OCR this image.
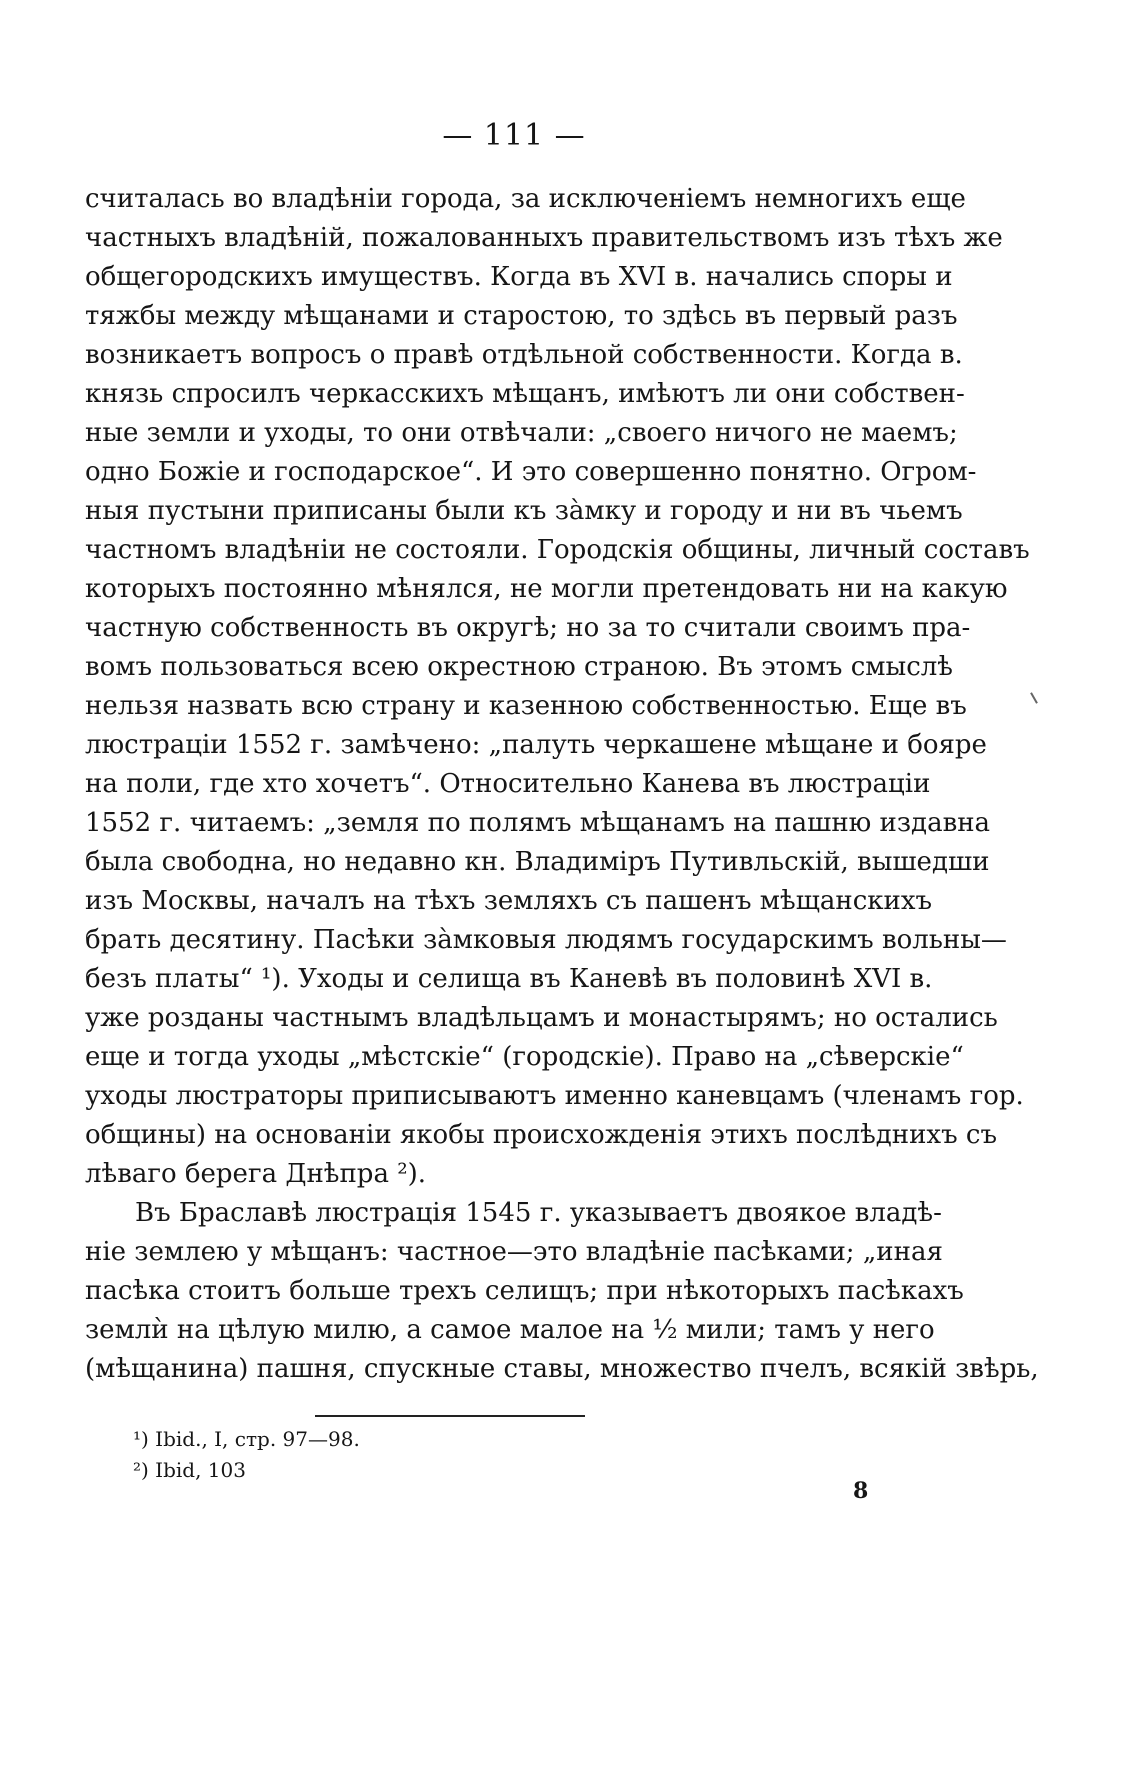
— 111 —
считалась во владѣніи города, за исключеніемъ немногихъ еще
частныхъ владѣній, пожалованныхъ правительствомъ изъ тѣхъ же
общегородскихъ имуществъ. Когда въ XVI в. начались споры и
тяжбы между мѣщанами и старостою, то здѣсь въ первый разъ
возникаетъ вопросъ о правѣ отдѣльной собственности. Когда в.
князь спросилъ черкасскихъ мѣщанъ, имѣютъ ли они собствен-
ные земли и уходы, то они отвѣчали: „своего ничого не маемъ;
одно Божіе и господарское“. И это совершенно понятно. Огром-
ныя пустыни приписаны были къ зàмку и городу и ни въ чьемъ
частномъ владѣніи не состояли. Городскія общины, личный составъ
которыхъ постоянно мѣнялся, не могли претендовать ни на какую
частную собственность въ округѣ; но за то считали своимъ пра-
вомъ пользоваться всею окрестною страною. Въ этомъ смыслѣ
нельзя назвать всю страну и казенною собственностью. Еще въ
люстраціи 1552 г. замѣчено: „палуть черкашене мѣщане и бояре
на поли, где хто хочетъ“. Относительно Канева въ люстраціи
1552 г. читаемъ: „земля по полямъ мѣщанамъ на пашню издавна
была свободна, но недавно кн. Владиміръ Путивльскій, вышедши
изъ Москвы, началъ на тѣхъ земляхъ съ пашенъ мѣщанскихъ
брать десятину. Пасѣки зàмковыя людямъ государскимъ вольны—
безъ платы“ ¹). Уходы и селища въ Каневѣ въ половинѣ XVI в.
уже розданы частнымъ владѣльцамъ и монастырямъ; но остались
еще и тогда уходы „мѣстскіе“ (городскіе). Право на „сѣверскіе“
уходы люстраторы приписываютъ именно каневцамъ (членамъ гор.
общины) на основаніи якобы происхожденія этихъ послѣднихъ съ
лѣваго берега Днѣпра ²).
Въ Браславѣ люстрація 1545 г. указываетъ двоякое владѣ-
ніе землею у мѣщанъ: частное—это владѣніе пасѣками; „иная
пасѣка стоитъ больше трехъ селищъ; при нѣкоторыхъ пасѣкахъ
землѝ на цѣлую милю, а самое малое на ½ мили; тамъ у него
(мѣщанина) пашня, спускные ставы, множество пчелъ, всякій звѣрь,
¹) Ibid., I, стр. 97—98.
²) Ibid, 103
8
